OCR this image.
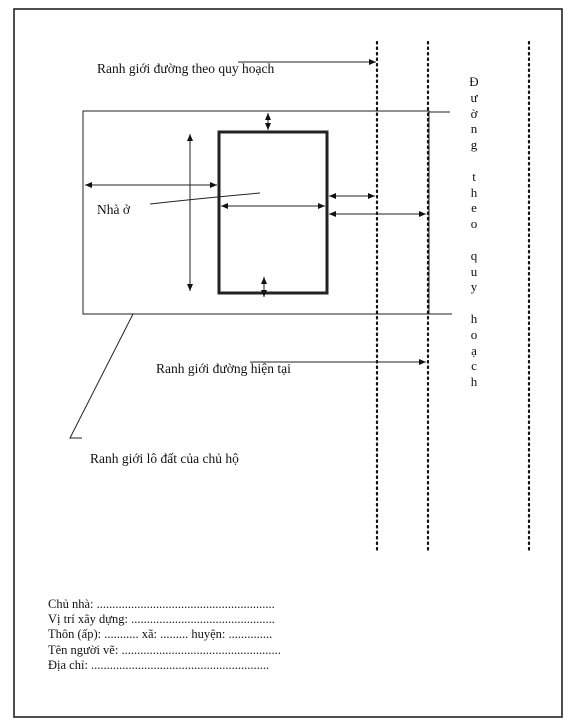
Ranh giới đường theo quy hoạch
Nhà ở
Ranh giới đường hiện tại
Ranh giới lô đất của chủ hộ
Đ
ư
ờ
n
g

t
h
e
o

q
u
y

h
o
ạ
c
h
Chủ nhà: .........................................................
Vị trí xây dựng: ..............................................
Thôn (ấp): ........... xã: ......... huyện: ..............
Tên người vẽ: ...................................................
Địa chỉ: .........................................................
